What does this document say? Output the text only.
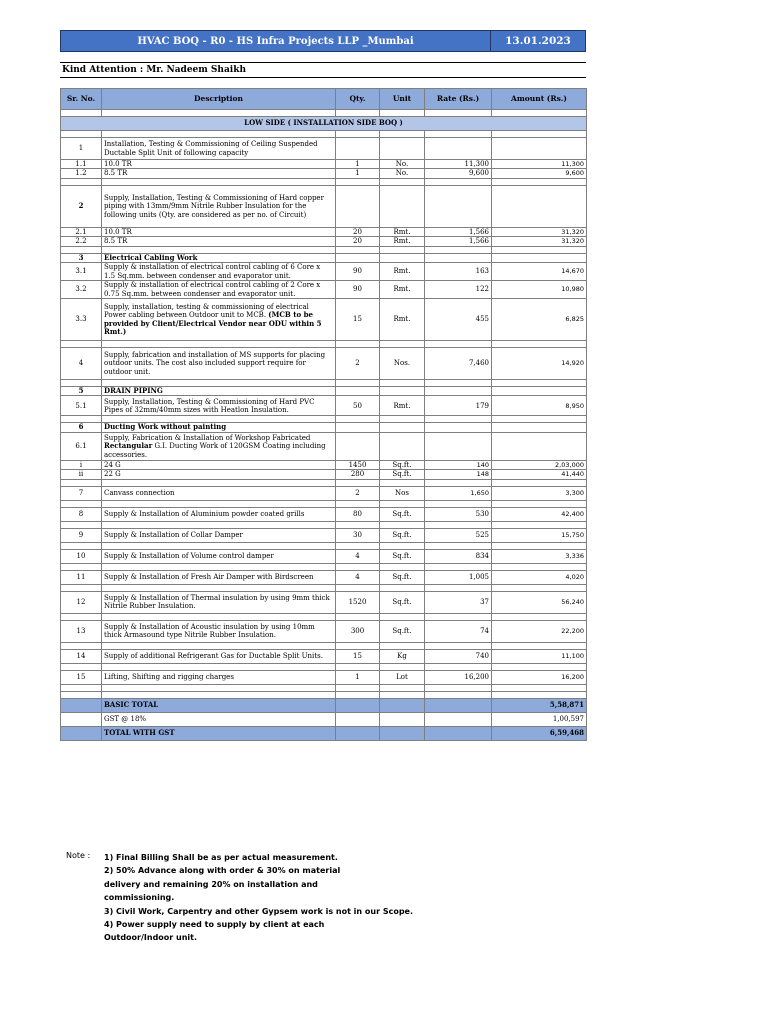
HVAC BOQ - R0 - HS Infra Projects LLP _Mumbai	13.01.2023
Kind Attention : Mr. Nadeem Shaikh
Sr. No.	Description	Qty.	Unit	Rate (Rs.)	Amount (Rs.)

LOW SIDE ( INSTALLATION SIDE BOQ )					

1	Installation, Testing & Commissioning of Ceiling Suspended Ductable Split Unit of following capacity				
1.1	10.0 TR	1	No.	11,300	11,300
1.2	8.5 TR	1	No.	9,600	9,600

2	Supply, Installation, Testing & Commissioning of Hard copper piping with 13mm/9mm Nitrile Rubber Insulation for the following units (Qty. are considered as per no. of Circuit)				
2.1	10.0 TR	20	Rmt.	1,566	31,320
2.2	8.5 TR	20	Rmt.	1,566	31,320

3	Electrical Cabling Work				
3.1	Supply & installation of electrical control cabling of 6 Core x 1.5 Sq.mm. between condenser and evaporator unit.	90	Rmt.	163	14,670
3.2	Supply & installation of electrical control cabling of 2 Core x 0.75 Sq.mm. between condenser and evaporator unit.	90	Rmt.	122	10,980
3.3	Supply, installation, testing & commissioning of electrical Power cabling between Outdoor unit to MCB. (MCB to be provided by Client/Electrical Vendor near ODU within 5 Rmt.)	15	Rmt.	455	6,825

4	Supply, fabrication and installation of MS supports for placing outdoor units. The cost also included support require for outdoor unit.	2	Nos.	7,460	14,920

5	DRAIN PIPING				
5.1	Supply, Installation, Testing & Commissioning of Hard PVC Pipes of 32mm/40mm sizes with Heatlon Insulation.	50	Rmt.	179	8,950

6	Ducting Work without painting				
6.1	Supply, Fabrication & Installation of Workshop Fabricated Rectangular G.I. Ducting Work of 120GSM Coating including accessories.				
i	24 G	1450	Sq.ft.	140	2,03,000
ii	22 G	280	Sq.ft.	148	41,440

7	Canvass connection	2	Nos	1,650	3,300

8	Supply & Installation of Aluminium powder coated grills	80	Sq.ft.	530	42,400

9	Supply & Installation of Collar Damper	30	Sq.ft.	525	15,750

10	Supply & Installation of Volume control damper	4	Sq.ft.	834	3,336

11	Supply & Installation of Fresh Air Damper with Birdscreen	4	Sq.ft.	1,005	4,020

12	Supply & Installation of Thermal insulation by using 9mm thick Nitrile Rubber Insulation.	1520	Sq.ft.	37	56,240

13	Supply & Installation of Acoustic insulation by using 10mm thick Armasound type Nitrile Rubber Insulation.	300	Sq.ft.	74	22,200

14	Supply of additional Refrigerant Gas for Ductable Split Units.	15	Kg	740	11,100

15	Lifting, Shifting and rigging charges	1	Lot	16,200	16,200

	BASIC TOTAL				5,58,871
	GST @ 18%				1,00,597
	TOTAL WITH GST				6,59,468
Note : 1) Final Billing Shall be as per actual measurement.
2) 50% Advance along with order & 30% on material
delivery and remaining 20% on installation and
commissioning.
3) Civil Work, Carpentry and other Gypsem work is not in our Scope.
4) Power supply need to supply by client at each
Outdoor/Indoor unit.
